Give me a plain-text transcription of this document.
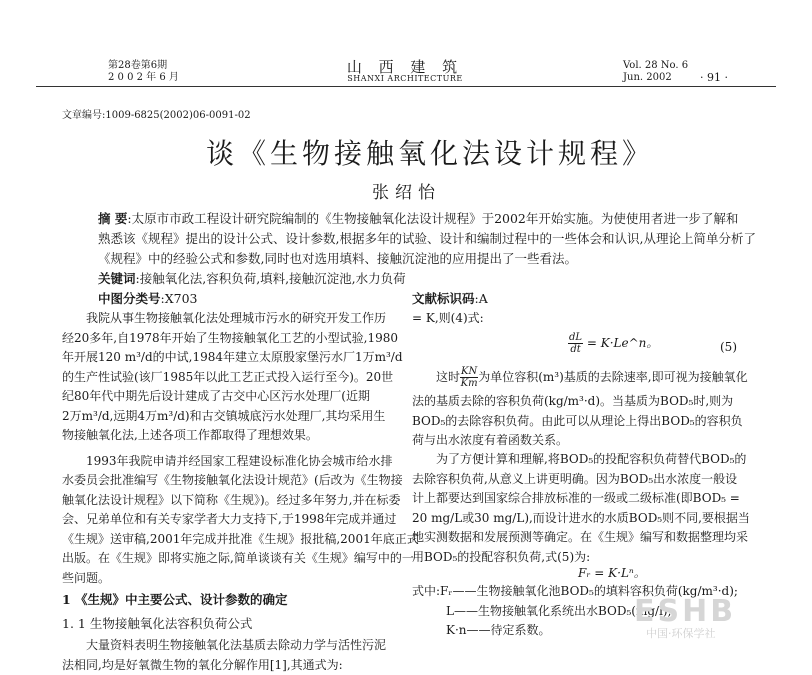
第28卷第6期
2 0 0 2 年 6 月
山 西 建 筑
SHANXI ARCHITECTURE
Vol. 28 No. 6
Jun. 2002	· 91 ·
文章编号:1009-6825(2002)06-0091-02
谈《生物接触氧化法设计规程》
张绍怡
摘 要:太原市市政工程设计研究院编制的《生物接触氧化法设计规程》于2002年开始实施。为使使用者进一步了解和
熟悉该《规程》提出的设计公式、设计参数,根据多年的试验、设计和编制过程中的一些体会和认识,从理论上简单分析了
《规程》中的经验公式和参数,同时也对选用填料、接触沉淀池的应用提出了一些看法。
关键词:接触氧化法,容积负荷,填料,接触沉淀池,水力负荷
中图分类号:X703	文献标识码:A
我院从事生物接触氧化法处理城市污水的研究开发工作历
经20多年,自1978年开始了生物接触氧化工艺的小型试验,1980
年开展120 m³/d的中试,1984年建立太原殷家堡污水厂1万m³/d
的生产性试验(该厂1985年以此工艺正式投入运行至今)。20世
纪80年代中期先后设计建成了古交中心区污水处理厂(近期
2万m³/d,远期4万m³/d)和古交镇城底污水处理厂,其均采用生
物接触氧化法,上述各项工作都取得了理想效果。
1993年我院申请并经国家工程建设标准化协会城市给水排
水委员会批准编写《生物接触氧化法设计规范》(后改为《生物接
触氧化法设计规程》以下简称《生规》)。经过多年努力,并在标委
会、兄弟单位和有关专家学者大力支持下,于1998年完成并通过
《生规》送审稿,2001年完成并批准《生规》报批稿,2001年底正式
出版。在《生规》即将实施之际,简单谈谈有关《生规》编写中的一
些问题。
1 《生规》中主要公式、设计参数的确定
1. 1 生物接触氧化法容积负荷公式
大量资料表明生物接触氧化法基质去除动力学与活性污泥
法相同,均是好氧微生物的氧化分解作用[1],其通式为:
= K,则(4)式:
$\frac{dL}{dt}$ = K·Le^n。	(5)
这时 $\frac{KN}{Km}$ 为单位容积(m³)基质的去除速率,即可视为接触氧化
法的基质去除的容积负荷(kg/m³·d)。当基质为BOD₅时,则为
BOD₅的去除容积负荷。由此可以从理论上得出BOD₅的容积负
荷与出水浓度有着函数关系。
为了方便计算和理解,将BOD₅的投配容积负荷替代BOD₅的
去除容积负荷,从意义上讲更明确。因为BOD₅出水浓度一般设
计上都要达到国家综合排放标准的一级或二级标准(即BOD₅ =
20 mg/L或30 mg/L),而设计进水的水质BOD₅则不同,要根据当
地实测数据和发展预测等确定。在《生规》编写和数据整理均采
用BOD₅的投配容积负荷,式(5)为:
Fᵣ = K·Lⁿ。
式中:Fᵣ——生物接触氧化池BOD₅的填料容积负荷(kg/m³·d);
L——生物接触氧化系统出水BOD₅(mg/l);
K·n——待定系数。
ESHB
中国·环保学社
